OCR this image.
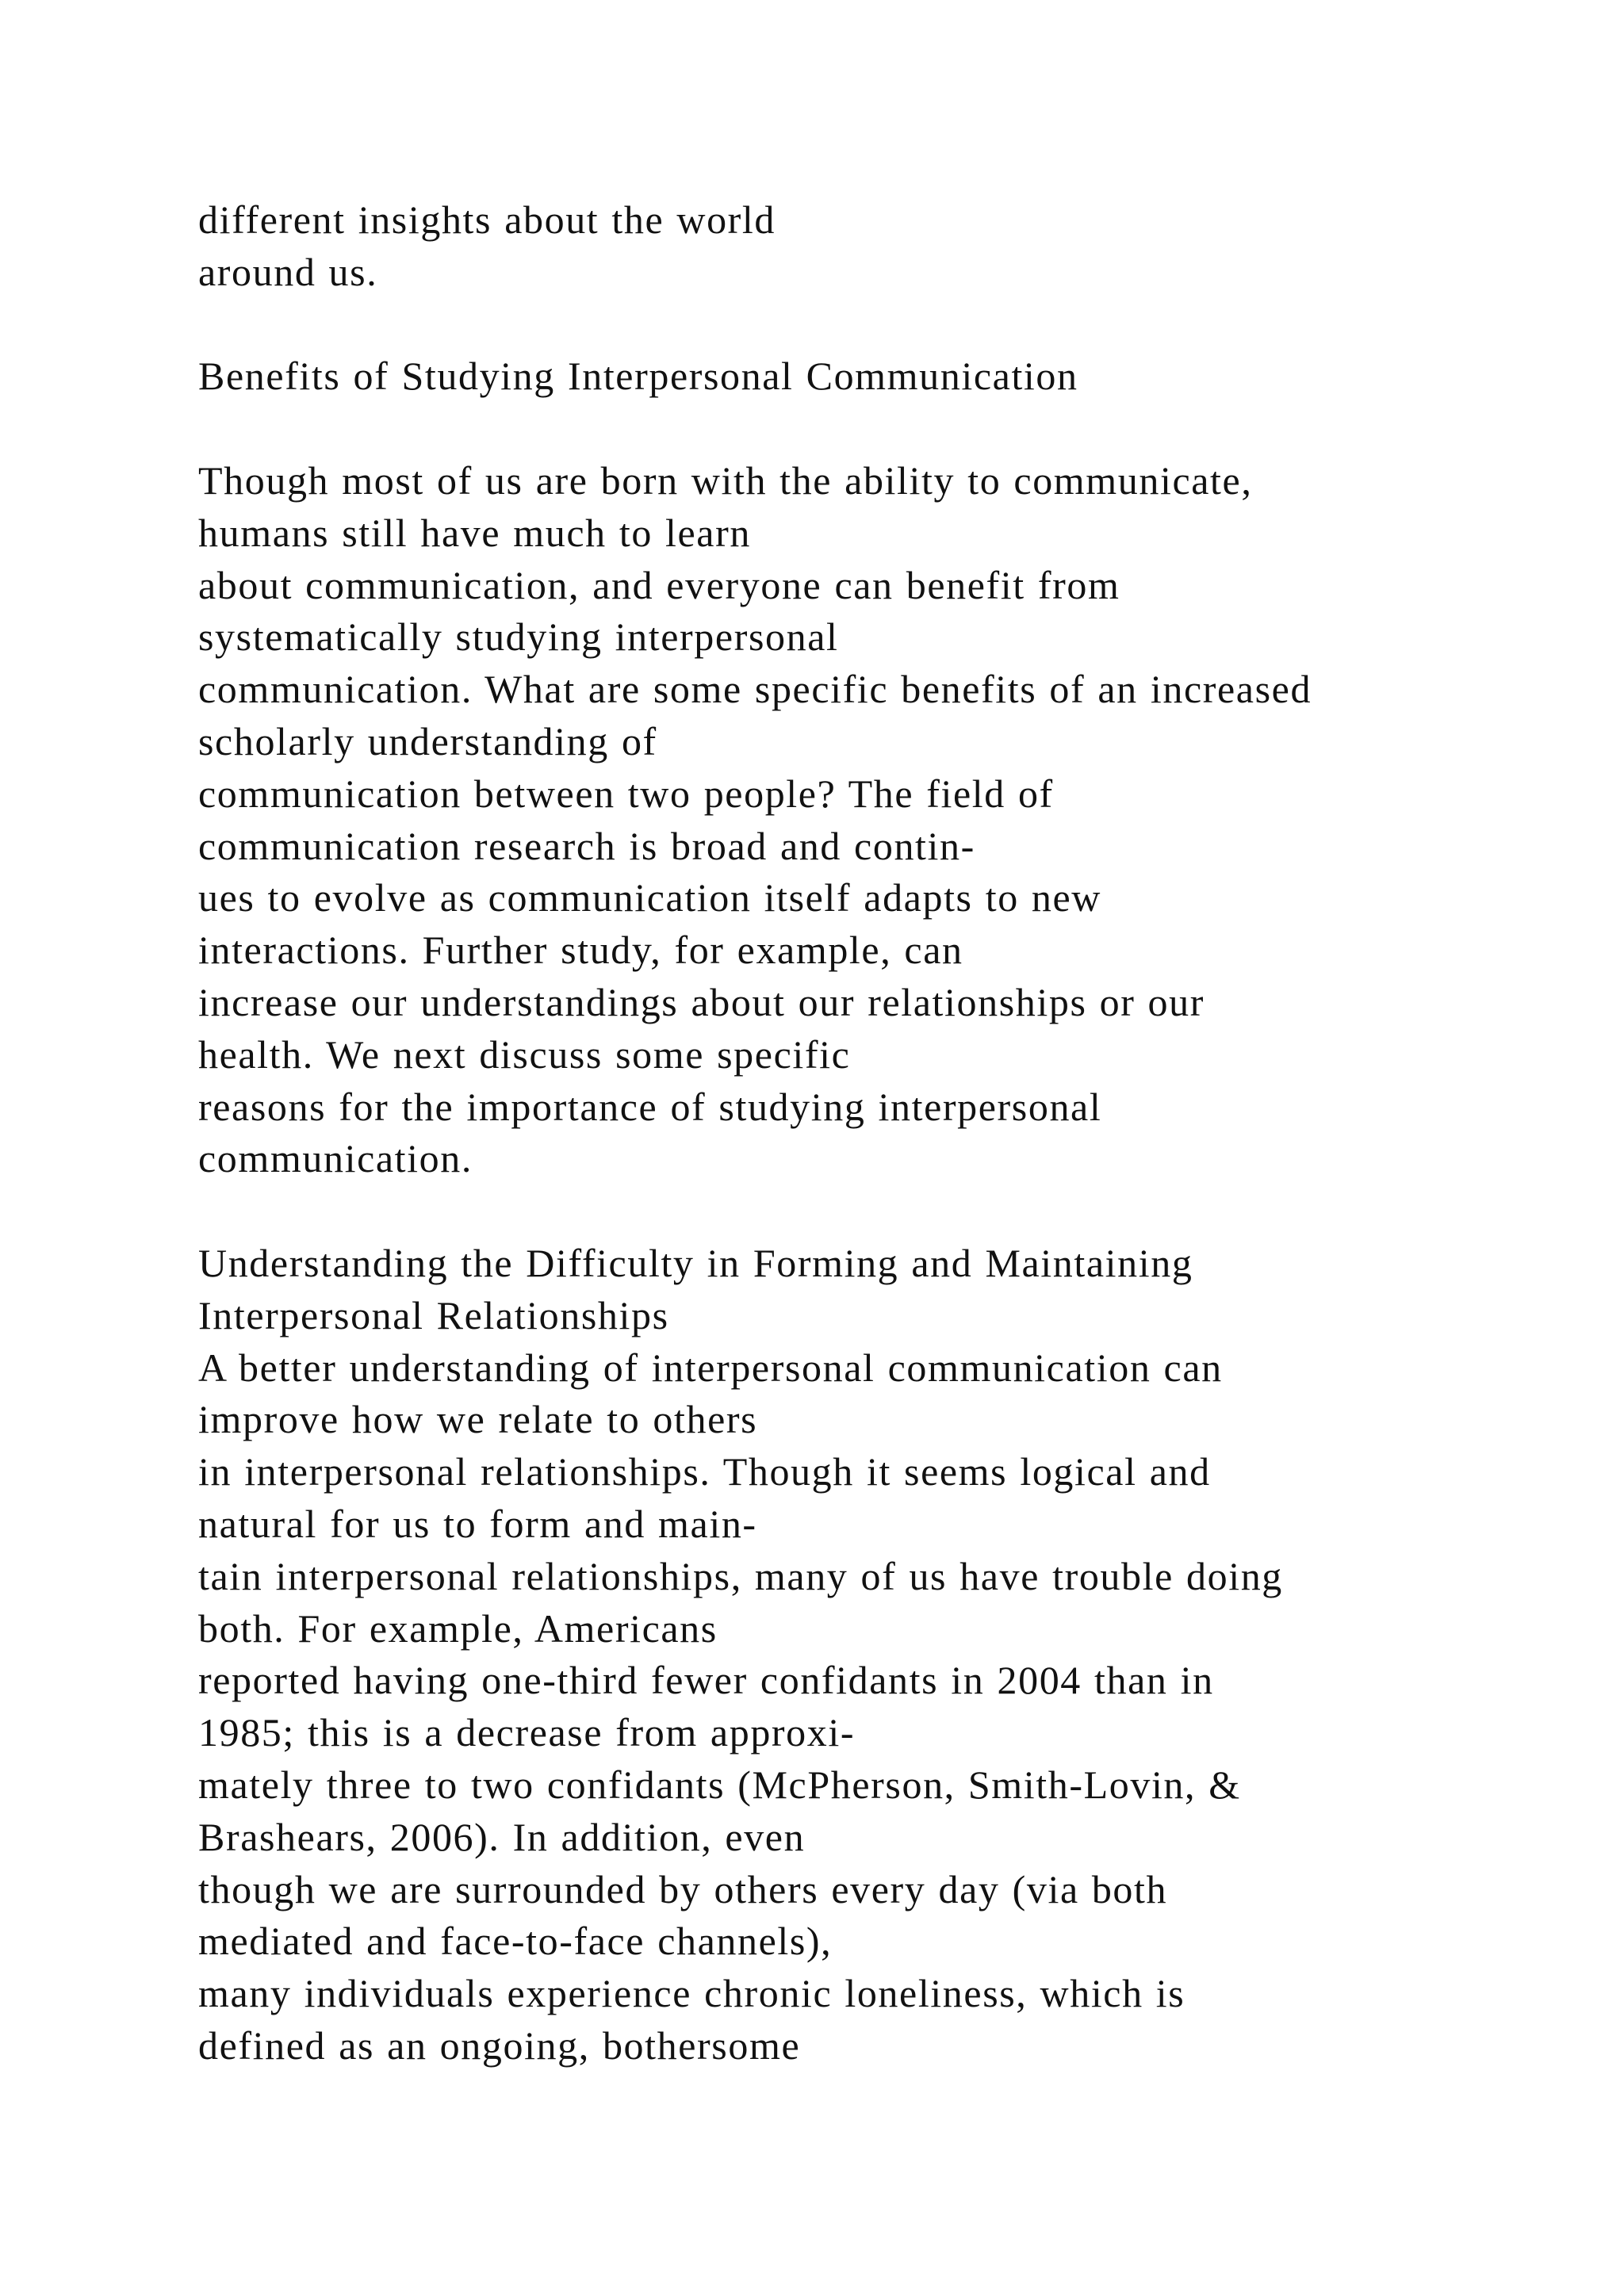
different insights about the world
around us.
Benefits of Studying Interpersonal Communication
Though most of us are born with the ability to communicate,
humans still have much to learn
about communication, and everyone can benefit from
systematically studying interpersonal
communication. What are some specific benefits of an increased
scholarly understanding of
communication between two people? The field of
communication research is broad and contin-
ues to evolve as communication itself adapts to new
interactions. Further study, for example, can
increase our understandings about our relationships or our
health. We next discuss some specific
reasons for the importance of studying interpersonal
communication.
Understanding the Difficulty in Forming and Maintaining
Interpersonal Relationships
A better understanding of interpersonal communication can
improve how we relate to others
in interpersonal relationships. Though it seems logical and
natural for us to form and main-
tain interpersonal relationships, many of us have trouble doing
both. For example, Americans
reported having one-third fewer confidants in 2004 than in
1985; this is a decrease from approxi-
mately three to two confidants (McPherson, Smith-Lovin, &
Brashears, 2006). In addition, even
though we are surrounded by others every day (via both
mediated and face-to-face channels),
many individuals experience chronic loneliness, which is
defined as an ongoing, bothersome
